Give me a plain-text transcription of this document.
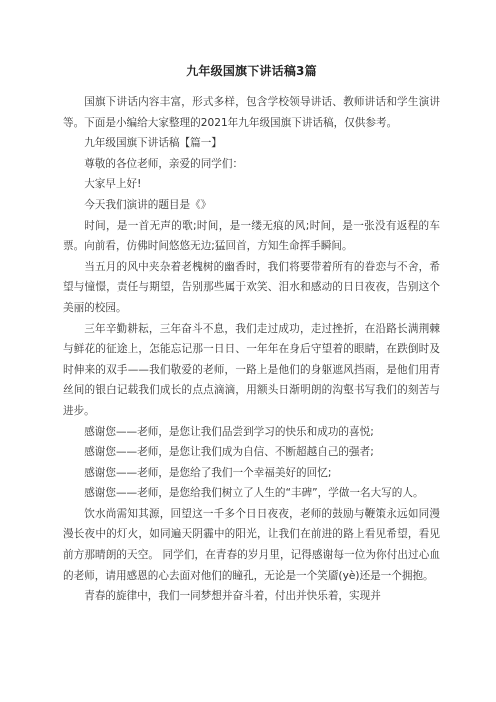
九年级国旗下讲话稿3篇

国旗下讲话内容丰富，形式多样，包含学校领导讲话、教师讲话和学生演讲等。下面是小编给大家整理的2021年九年级国旗下讲话稿，仅供参考。

九年级国旗下讲话稿【篇一】

尊敬的各位老师，亲爱的同学们：

大家早上好!

今天我们演讲的题目是《》

时间，是一首无声的歌;时间，是一缕无痕的风;时间，是一张没有返程的车票。向前看，仿佛时间悠悠无边;猛回首，方知生命挥手瞬间。

当五月的风中夹杂着老槐树的幽香时，我们将要带着所有的眷恋与不舍，希望与憧憬，责任与期望，告别那些属于欢笑、泪水和感动的日日夜夜，告别这个美丽的校园。

三年辛勤耕耘，三年奋斗不息，我们走过成功，走过挫折，在沿路长满荆棘与鲜花的征途上，怎能忘记那一日日、一年年在身后守望着的眼睛，在跌倒时及时伸来的双手——我们敬爱的老师，一路上是他们的身躯遮风挡雨，是他们用青丝间的银白记载我们成长的点点滴滴，用额头日渐明朗的沟壑书写我们的刻苦与进步。

感谢您——老师，是您让我们品尝到学习的快乐和成功的喜悦;

感谢您——老师，是您让我们成为自信、不断超越自己的强者;

感谢您——老师，是您给了我们一个幸福美好的回忆;

感谢您——老师，是您给我们树立了人生的“丰碑”，学做一名大写的人。

饮水尚需知其源，回望这一千多个日日夜夜，老师的鼓励与鞭策永远如同漫漫长夜中的灯火，如同遍天阴霾中的阳光，让我们在前进的路上看见希望，看见前方那晴朗的天空。 同学们，在青春的岁月里，记得感谢每一位为你付出过心血的老师，请用感恩的心去面对他们的瞳孔，无论是一个笑靥(yè)还是一个拥抱。

青春的旋律中，我们一同梦想并奋斗着，付出并快乐着，实现并
